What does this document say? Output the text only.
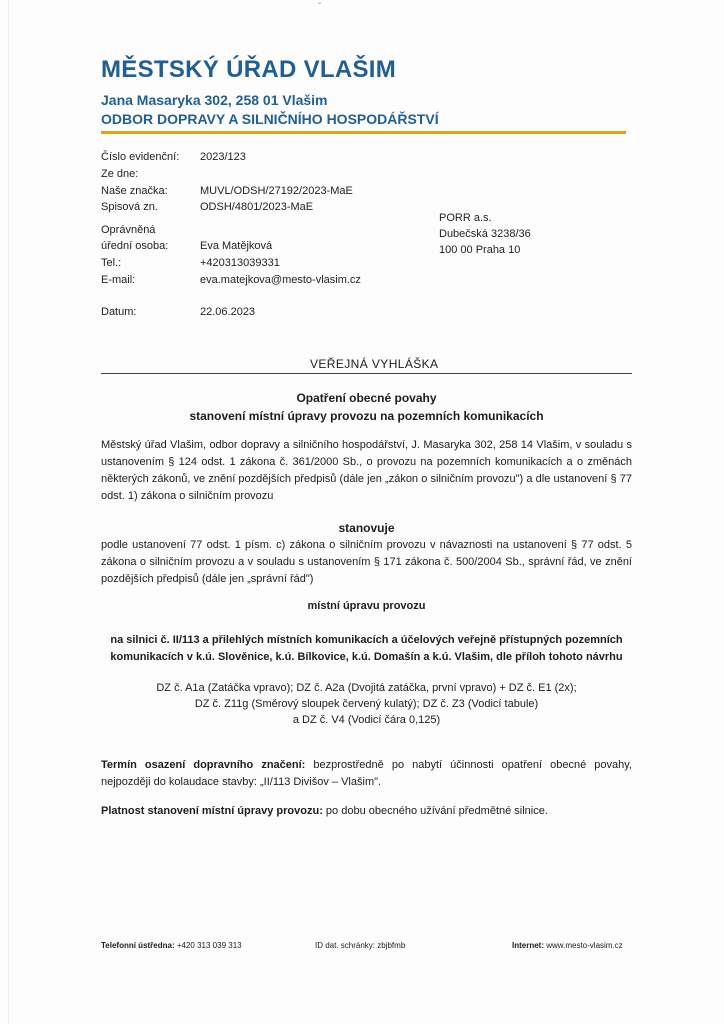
ˇ
MĚSTSKÝ ÚŘAD VLAŠIM
Jana Masaryka 302, 258 01 Vlašim
ODBOR DOPRAVY A SILNIČNÍHO HOSPODÁŘSTVÍ
Číslo evidenční: 2023/123
Ze dne:
Naše značka:	MUVL/ODSH/27192/2023-MaE
Spisová zn.	ODSH/4801/2023-MaE
Oprávněná
úřední osoba:	Eva Matějková
Tel.:	+420313039331
E-mail:	eva.matejkova@mesto-vlasim.cz
Datum:	22.06.2023
PORR a.s.
Dubečská 3238/36
100 00 Praha 10
VEŘEJNÁ VYHLÁŠKA
Opatření obecné povahy
stanovení místní úpravy provozu na pozemních komunikacích
Městský úřad Vlašim, odbor dopravy a silničního hospodářství, J. Masaryka 302, 258 14 Vlašim, v souladu s ustanovením § 124 odst. 1 zákona č. 361/2000 Sb., o provozu na pozemních komunikacích a o změnách některých zákonů, ve znění pozdějších předpisů (dále jen „zákon o silničním provozu") a dle ustanovení § 77 odst. 1) zákona o silničním provozu
stanovuje
podle ustanovení 77 odst. 1 písm. c) zákona o silničním provozu v návaznosti na ustanovení § 77 odst. 5 zákona o silničním provozu a v souladu s ustanovením § 171 zákona č. 500/2004 Sb., správní řád, ve znění pozdějších předpisů (dále jen „správní řád")
místní úpravu provozu
na silnici č. II/113 a přilehlých místních komunikacích a účelových veřejně přístupných pozemních
komunikacích v k.ú. Slověnice, k.ú. Bílkovice, k.ú. Domašín a k.ú. Vlašim, dle příloh tohoto návrhu
DZ č. A1a (Zatáčka vpravo); DZ č. A2a (Dvojitá zatáčka, první vpravo) + DZ č. E1 (2x);
DZ č. Z11g (Směrový sloupek červený kulatý); DZ č. Z3 (Vodicí tabule)
a DZ č. V4 (Vodicí čára 0,125)
Termín osazení dopravního značení: bezprostředně po nabytí účinnosti opatření obecné povahy, nejpozději do kolaudace stavby: „II/113 Divišov – Vlašim".
Platnost stanovení místní úpravy provozu: po dobu obecného užívání předmětné silnice.
Telefonní ústředna: +420 313 039 313	ID dat. schránky: zbjbfmb	Internet: www.mesto-vlasim.cz
